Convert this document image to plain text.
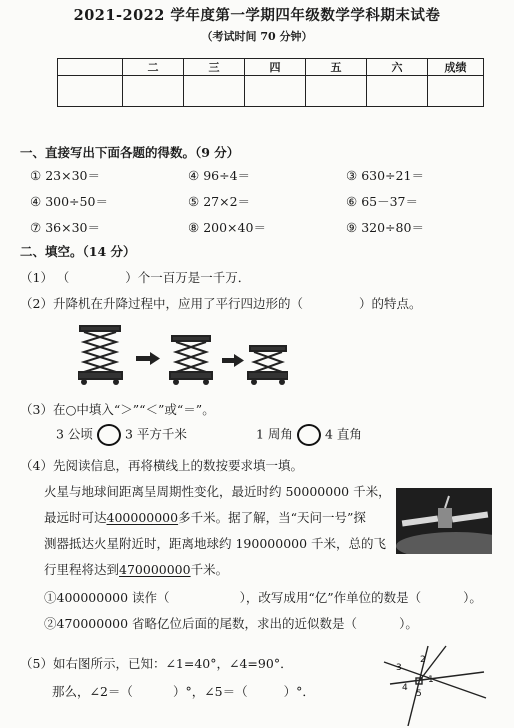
2021-2022 学年度第一学期四年级数学学科期末试卷
（考试时间 70 分钟）
	二	三	四	五	六	成绩

一、直接写出下面各题的得数。（9 分）
① 23×30＝	④ 96÷4＝	③ 630÷21＝
④ 300÷50＝	⑤ 27×2＝	⑥ 65－37＝
⑦ 36×30＝	⑧ 200×40＝	⑨ 320÷80＝
二、填空。（14 分）
（1） （	）个一百万是一千万．
（2）升降机在升降过程中，应用了平行四边形的（	）的特点。
（3）在○中填入“＞”“＜”或“＝”。
3 公顷	3 平方千米	1 周角	4 直角
（4）先阅读信息，再将横线上的数按要求填一填。
火星与地球间距离呈周期性变化，最近时约 50000000 千米，
最远时可达400000000多千米。据了解，当“天问一号”探
测器抵达火星附近时，距离地球约 190000000 千米，总的飞
行里程将达到470000000千米。
①400000000 读作（	），改写成用“亿”作单位的数是（	）。
②470000000 省略亿位后面的尾数，求出的近似数是（	）。
（5）如右图所示，已知：∠1=40°，∠4=90°．
那么，∠2＝（	）°，∠5＝（	）°．
3
2
4
1
5
